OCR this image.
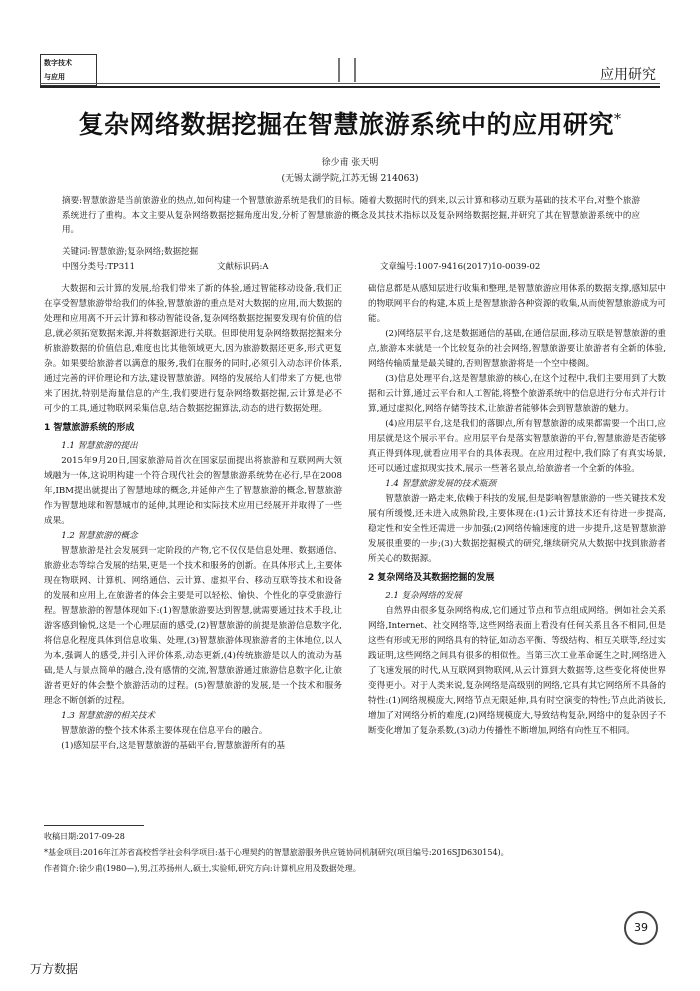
数字技术
与应用	应用研究
复杂网络数据挖掘在智慧旅游系统中的应用研究*
徐少甫 张天明
(无锡太湖学院,江苏无锡 214063)
摘要:智慧旅游是当前旅游业的热点,如何构建一个智慧旅游系统是我们的目标。随着大数据时代的到来,以云计算和移动互联为基础的技术平台,对整个旅游系统进行了重构。本文主要从复杂网络数据挖掘角度出发,分析了智慧旅游的概念及其技术指标以及复杂网络数据挖掘,并研究了其在智慧旅游系统中的应用。
关键词:智慧旅游;复杂网络;数据挖掘
中图分类号:TP311	文献标识码:A	文章编号:1007-9416(2017)10-0039-02

大数据和云计算的发展,给我们带来了新的体验,通过智能移动设备,我们正在享受智慧旅游带给我们的体验,智慧旅游的重点是对大数据的应用,而大数据的处理和应用离不开云计算和移动智能设备,复杂网络数据挖掘要发现有价值的信息,就必须拓宽数据来源,并将数据源进行关联。但即使用复杂网络数据挖掘来分析旅游数据的价值信息,难度也比其他领域更大,因为旅游数据还更多,形式更复杂。如果要给旅游者以满意的服务,我们在服务的同时,必须引入动态评价体系,通过完善的评价理论和方法,建设智慧旅游。网络的发展给人们带来了方便,也带来了困扰,特别是海量信息的产生,我们要进行复杂网络数据挖掘,云计算是必不可少的工具,通过物联网采集信息,结合数据挖掘算法,动态的进行数据处理。

1 智慧旅游系统的形成
1.1 智慧旅游的提出

2015年9月20日,国家旅游局首次在国家层面提出将旅游和互联网两大领域融为一体,这说明构建一个符合现代社会的智慧旅游系统势在必行,早在2008年,IBM提出就提出了智慧地球的概念,并延伸产生了智慧旅游的概念,智慧旅游作为智慧地球和智慧城市的延伸,其理论和实际技术应用已经展开并取得了一些成果。

1.2 智慧旅游的概念

智慧旅游是社会发展到一定阶段的产物,它不仅仅是信息处理、数据通信、旅游业态等综合发展的结果,更是一个技术和服务的创新。在具体形式上,主要体现在物联网、计算机、网络通信、云计算、虚拟平台、移动互联等技术和设备的发展和应用上,在旅游者的体会主要是可以轻松、愉快、个性化的享受旅游行程。智慧旅游的智慧体现如下:(1)智慧旅游要达到智慧,就需要通过技术手段,让游客感到愉悦,这是一个心理层面的感受,(2)智慧旅游的前提是旅游信息数字化,将信息化程度具体到信息收集、处理,(3)智慧旅游体现旅游者的主体地位,以人为本,强调人的感受,并引入评价体系,动态更新,(4)传统旅游是以人的流动为基础,是人与景点简单的融合,没有感情的交流,智慧旅游通过旅游信息数字化,让旅游者更好的体会整个旅游活动的过程。(5)智慧旅游的发展,是一个技术和服务理念不断创新的过程。

1.3 智慧旅游的相关技术

智慧旅游的整个技术体系主要体现在信息平台的融合。

(1)感知层平台,这是智慧旅游的基础平台,智慧旅游所有的基

础信息都是从感知层进行收集和整理,是智慧旅游应用体系的数据支撑,感知层中的物联网平台的构建,本质上是智慧旅游各种资源的收集,从而使智慧旅游成为可能。

(2)网络层平台,这是数据通信的基础,在通信层面,移动互联是智慧旅游的重点,旅游本来就是一个比较复杂的社会网络,智慧旅游要让旅游者有全新的体验,网络传输质量是最关键的,否则智慧旅游将是一个空中楼阁。

(3)信息处理平台,这是智慧旅游的核心,在这个过程中,我们主要用到了大数据和云计算,通过云平台和人工智能,将整个旅游系统中的信息进行分布式并行计算,通过虚拟化,网络存储等技术,让旅游者能够体会到智慧旅游的魅力。

(4)应用层平台,这是我们的落脚点,所有智慧旅游的成果都需要一个出口,应用层就是这个展示平台。应用层平台是落实智慧旅游的平台,智慧旅游是否能够真正得到体现,就看应用平台的具体表现。在应用过程中,我们除了有真实场景,还可以通过虚拟现实技术,展示一些著名景点,给旅游者一个全新的体验。

1.4 智慧旅游发展的技术瓶颈

智慧旅游一路走来,依赖于科技的发展,但是影响智慧旅游的一些关键技术发展有所缓慢,还未进入成熟阶段,主要体现在:(1)云计算技术还有待进一步提高,稳定性和安全性还需进一步加强;(2)网络传输速度的进一步提升,这是智慧旅游发展很重要的一步;(3)大数据挖掘模式的研究,继续研究从大数据中找到旅游者所关心的数据源。

2 复杂网络及其数据挖掘的发展
2.1 复杂网络的发展

自然界由很多复杂网络构成,它们通过节点和节点组成网络。例如社会关系网络,Internet、社交网络等,这些网络表面上看没有任何关系且各不相同,但是这些有形或无形的网络具有的特征,如动态平衡、等级结构、相互关联等,经过实践证明,这些网络之间具有很多的相似性。当第三次工业革命诞生之时,网络进入了飞速发展的时代,从互联网到物联网,从云计算到大数据等,这些变化将使世界变得更小。对于人类来说,复杂网络是高级别的网络,它具有其它网络所不具备的特性:(1)网络规模庞大,网络节点无限延伸,具有时空演变的特性;节点此消彼长,增加了对网络分析的难度,(2)网络规模庞大,导致结构复杂,网络中的复杂因子不断变化增加了复杂系数,(3)动力传播性不断增加,网络有向性互不相同。

收稿日期:2017-09-28
*基金项目:2016年江苏省高校哲学社会科学项目:基于心理契约的智慧旅游服务供应链协同机制研究(项目编号:2016SJD630154)。
作者简介:徐少甫(1980—),男,江苏扬州人,硕士,实验师,研究方向:计算机应用及数据处理。
39
万方数据
